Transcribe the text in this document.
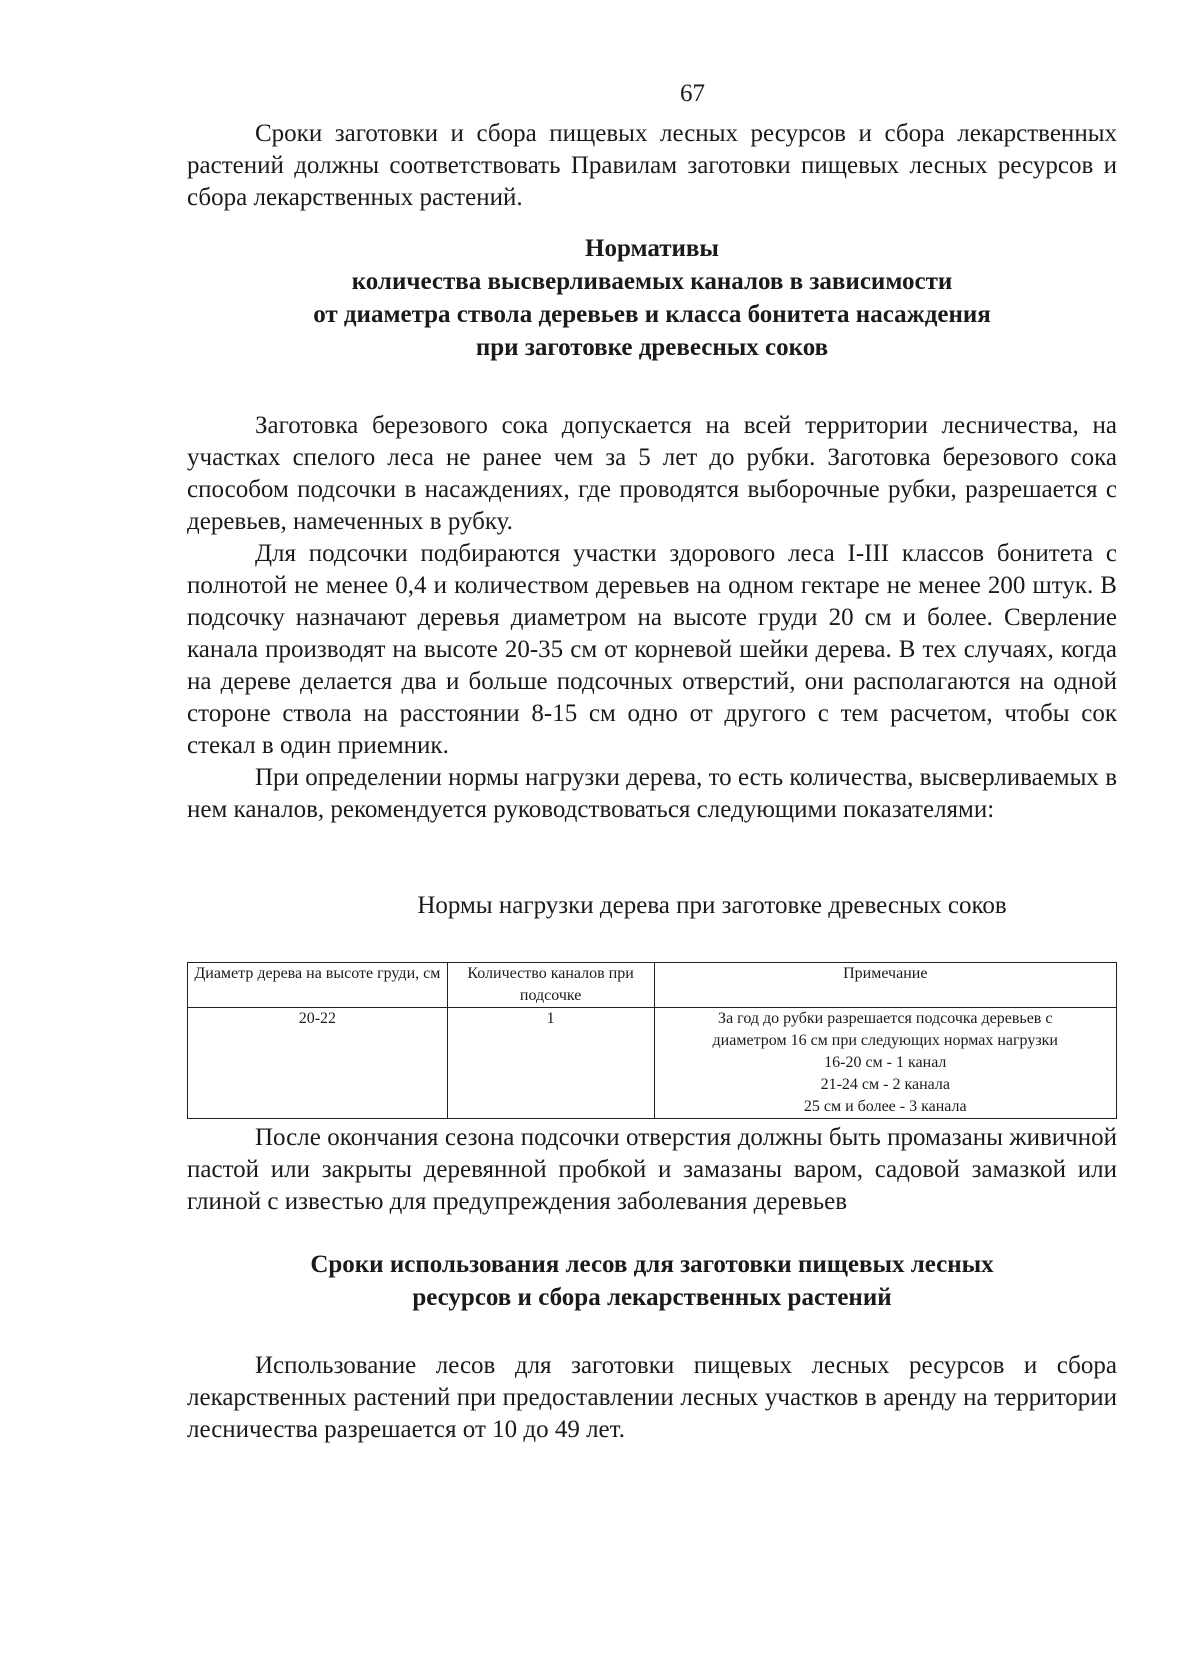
67

Сроки заготовки и сбора пищевых лесных ресурсов и сбора лекарственных растений должны соответствовать Правилам заготовки пищевых лесных ресурсов и сбора лекарственных растений.

Нормативы
количества высверливаемых каналов в зависимости
от диаметра ствола деревьев и класса бонитета насаждения
при заготовке древесных соков

Заготовка березового сока допускается на всей территории лесничества, на участках спелого леса не ранее чем за 5 лет до рубки. Заготовка березового сока способом подсочки в насаждениях, где проводятся выборочные рубки, разрешается с деревьев, намеченных в рубку.

Для подсочки подбираются участки здорового леса I-III классов бонитета с полнотой не менее 0,4 и количеством деревьев на одном гектаре не менее 200 штук. В подсочку назначают деревья диаметром на высоте груди 20 см и более. Сверление канала производят на высоте 20-35 см от корневой шейки дерева. В тех случаях, когда на дереве делается два и больше подсочных отверстий, они располагаются на одной стороне ствола на расстоянии 8-15 см одно от другого с тем расчетом, чтобы сок стекал в один приемник.

При определении нормы нагрузки дерева, то есть количества, высверливаемых в нем каналов, рекомендуется руководствоваться следующими показателями:

Нормы нагрузки дерева при заготовке древесных соков
Диаметр дерева на высоте груди, см	Количество каналов при подсочке	Примечание
20-22	1	За год до рубки разрешается подсочка деревьев с
диаметром 16 см при следующих нормах нагрузки
16-20 см - 1 канал
21-24 см - 2 канала
25 см и более - 3 канала

После окончания сезона подсочки отверстия должны быть промазаны живичной пастой или закрыты деревянной пробкой и замазаны варом, садовой замазкой или глиной с известью для предупреждения заболевания деревьев

Сроки использования лесов для заготовки пищевых лесных
ресурсов и сбора лекарственных растений

Использование лесов для заготовки пищевых лесных ресурсов и сбора лекарственных растений при предоставлении лесных участков в аренду на территории лесничества разрешается от 10 до 49 лет.
